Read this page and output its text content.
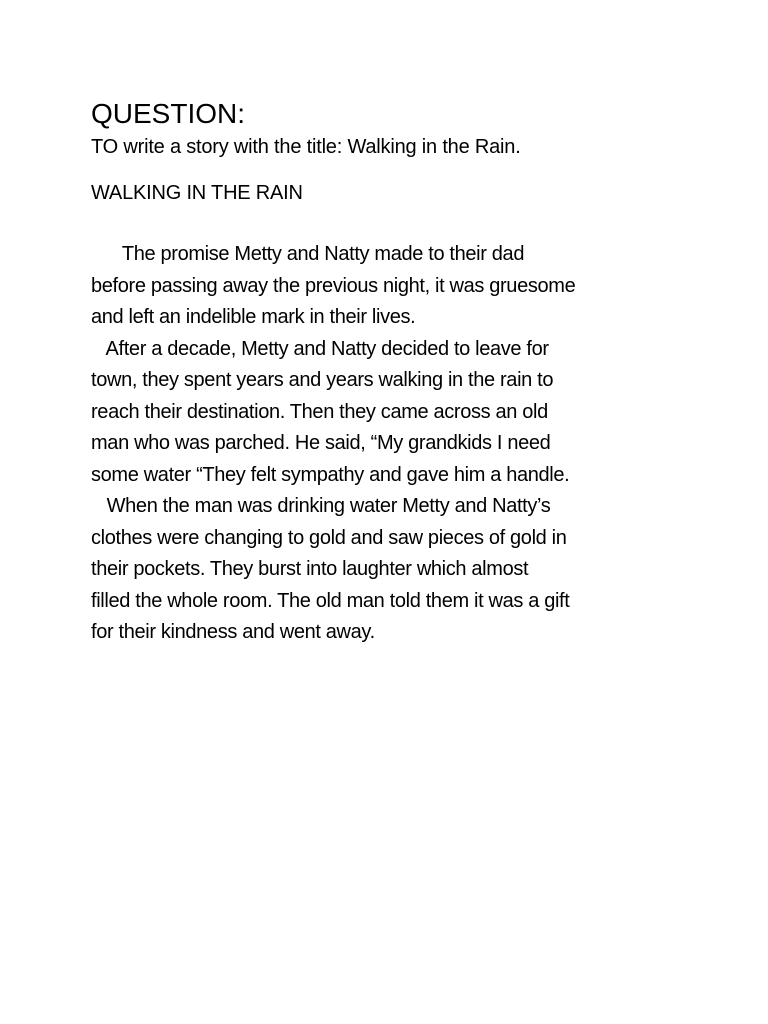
QUESTION:

TO write a story with the title: Walking in the Rain.

WALKING IN THE RAIN

The promise Metty and Natty made to their dad
before passing away the previous night, it was gruesome
and left an indelible mark in their lives.
After a decade, Metty and Natty decided to leave for
town, they spent years and years walking in the rain to
reach their destination. Then they came across an old
man who was parched. He said, “My grandkids I need
some water “They felt sympathy and gave him a handle.
When the man was drinking water Metty and Natty’s
clothes were changing to gold and saw pieces of gold in
their pockets. They burst into laughter which almost
filled the whole room. The old man told them it was a gift
for their kindness and went away.
